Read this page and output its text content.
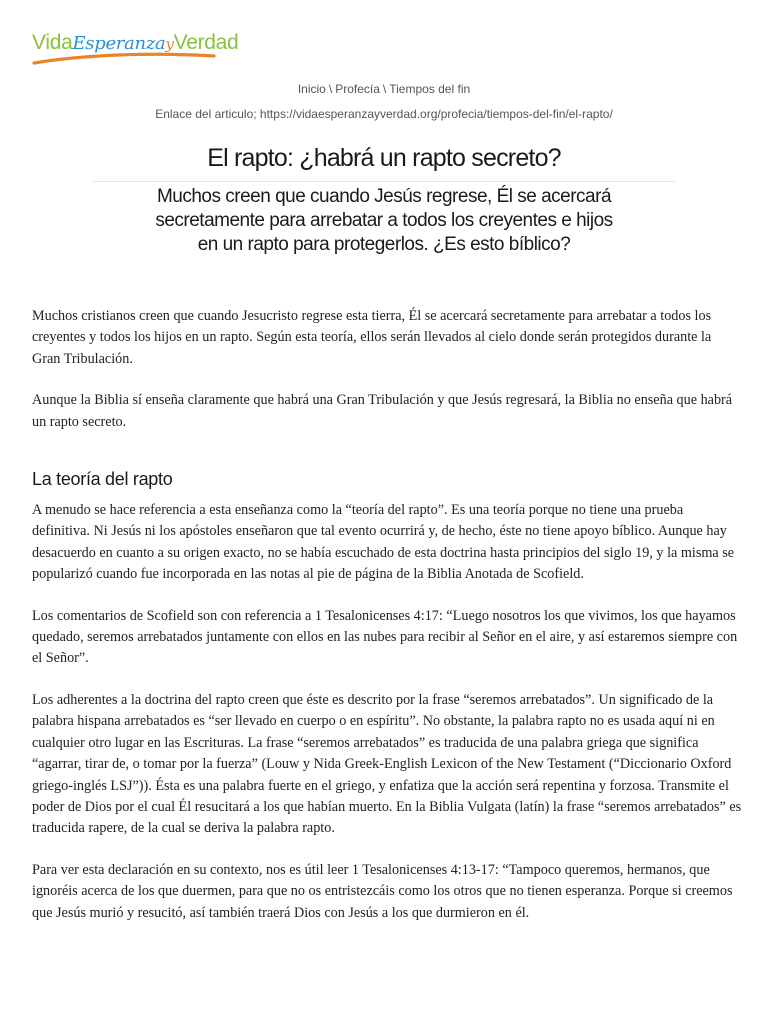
VidaEsperanzayVerdad
Inicio \ Profecía \ Tiempos del fin
Enlace del articulo; https://vidaesperanzayverdad.org/profecia/tiempos-del-fin/el-rapto/
El rapto: ¿habrá un rapto secreto?
Muchos creen que cuando Jesús regrese, Él se acercará secretamente para arrebatar a todos los creyentes e hijos en un rapto para protegerlos. ¿Es esto bíblico?

Muchos cristianos creen que cuando Jesucristo regrese esta tierra, Él se acercará secretamente para arrebatar a todos los creyentes y todos los hijos en un rapto. Según esta teoría, ellos serán llevados al cielo donde serán protegidos durante la Gran Tribulación.

Aunque la Biblia sí enseña claramente que habrá una Gran Tribulación y que Jesús regresará, la Biblia no enseña que habrá un rapto secreto.

La teoría del rapto

A menudo se hace referencia a esta enseñanza como la “teoría del rapto”. Es una teoría porque no tiene una prueba definitiva. Ni Jesús ni los apóstoles enseñaron que tal evento ocurrirá y, de hecho, éste no tiene apoyo bíblico. Aunque hay desacuerdo en cuanto a su origen exacto, no se había escuchado de esta doctrina hasta principios del siglo 19, y la misma se popularizó cuando fue incorporada en las notas al pie de página de la Biblia Anotada de Scofield.

Los comentarios de Scofield son con referencia a 1 Tesalonicenses 4:17: “Luego nosotros los que vivimos, los que hayamos quedado, seremos arrebatados juntamente con ellos en las nubes para recibir al Señor en el aire, y así estaremos siempre con el Señor”.

Los adherentes a la doctrina del rapto creen que éste es descrito por la frase “seremos arrebatados”. Un significado de la palabra hispana arrebatados es “ser llevado en cuerpo o en espíritu”. No obstante, la palabra rapto no es usada aquí ni en cualquier otro lugar en las Escrituras. La frase “seremos arrebatados” es traducida de una palabra griega que significa “agarrar, tirar de, o tomar por la fuerza” (Louw y Nida Greek-English Lexicon of the New Testament (“Diccionario Oxford griego-inglés LSJ”)). Ésta es una palabra fuerte en el griego, y enfatiza que la acción será repentina y forzosa. Transmite el poder de Dios por el cual Él resucitará a los que habían muerto. En la Biblia Vulgata (latín) la frase “seremos arrebatados” es traducida rapere, de la cual se deriva la palabra rapto.

Para ver esta declaración en su contexto, nos es útil leer 1 Tesalonicenses 4:13-17: “Tampoco queremos, hermanos, que ignoréis acerca de los que duermen, para que no os entristezcáis como los otros que no tienen esperanza. Porque si creemos que Jesús murió y resucitó, así también traerá Dios con Jesús a los que durmieron en él.
